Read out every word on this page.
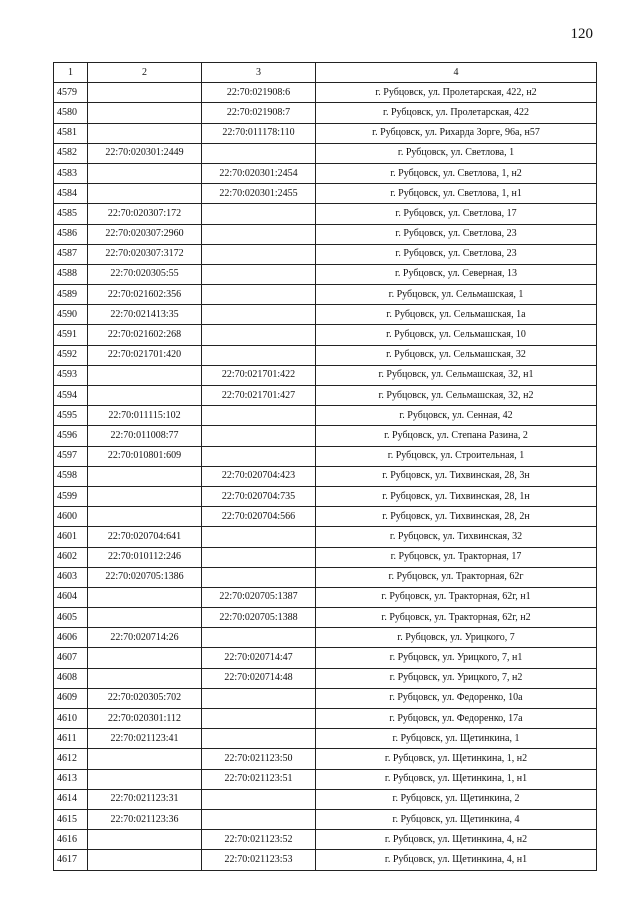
120
1	2	3	4
4579		22:70:021908:6	г. Рубцовск, ул. Пролетарская, 422, н2
4580		22:70:021908:7	г. Рубцовск, ул. Пролетарская, 422
4581		22:70:011178:110	г. Рубцовск, ул. Рихарда Зорге, 96а, н57
4582	22:70:020301:2449		г. Рубцовск, ул. Светлова, 1
4583		22:70:020301:2454	г. Рубцовск, ул. Светлова, 1, н2
4584		22:70:020301:2455	г. Рубцовск, ул. Светлова, 1, н1
4585	22:70:020307:172		г. Рубцовск, ул. Светлова, 17
4586	22:70:020307:2960		г. Рубцовск, ул. Светлова, 23
4587	22:70:020307:3172		г. Рубцовск, ул. Светлова, 23
4588	22:70:020305:55		г. Рубцовск, ул. Северная, 13
4589	22:70:021602:356		г. Рубцовск, ул. Сельмашская, 1
4590	22:70:021413:35		г. Рубцовск, ул. Сельмашская, 1а
4591	22:70:021602:268		г. Рубцовск, ул. Сельмашская, 10
4592	22:70:021701:420		г. Рубцовск, ул. Сельмашская, 32
4593		22:70:021701:422	г. Рубцовск, ул. Сельмашская, 32, н1
4594		22:70:021701:427	г. Рубцовск, ул. Сельмашская, 32, н2
4595	22:70:011115:102		г. Рубцовск, ул. Сенная, 42
4596	22:70:011008:77		г. Рубцовск, ул. Степана Разина, 2
4597	22:70:010801:609		г. Рубцовск, ул. Строительная, 1
4598		22:70:020704:423	г. Рубцовск, ул. Тихвинская, 28, 3н
4599		22:70:020704:735	г. Рубцовск, ул. Тихвинская, 28, 1н
4600		22:70:020704:566	г. Рубцовск, ул. Тихвинская, 28, 2н
4601	22:70:020704:641		г. Рубцовск, ул. Тихвинская, 32
4602	22:70:010112:246		г. Рубцовск, ул. Тракторная, 17
4603	22:70:020705:1386		г. Рубцовск, ул. Тракторная, 62г
4604		22:70:020705:1387	г. Рубцовск, ул. Тракторная, 62г, н1
4605		22:70:020705:1388	г. Рубцовск, ул. Тракторная, 62г, н2
4606	22:70:020714:26		г. Рубцовск, ул. Урицкого, 7
4607		22:70:020714:47	г. Рубцовск, ул. Урицкого, 7, н1
4608		22:70:020714:48	г. Рубцовск, ул. Урицкого, 7, н2
4609	22:70:020305:702		г. Рубцовск, ул. Федоренко, 10а
4610	22:70:020301:112		г. Рубцовск, ул. Федоренко, 17а
4611	22:70:021123:41		г. Рубцовск, ул. Щетинкина, 1
4612		22:70:021123:50	г. Рубцовск, ул. Щетинкина, 1, н2
4613		22:70:021123:51	г. Рубцовск, ул. Щетинкина, 1, н1
4614	22:70:021123:31		г. Рубцовск, ул. Щетинкина, 2
4615	22:70:021123:36		г. Рубцовск, ул. Щетинкина, 4
4616		22:70:021123:52	г. Рубцовск, ул. Щетинкина, 4, н2
4617		22:70:021123:53	г. Рубцовск, ул. Щетинкина, 4, н1
